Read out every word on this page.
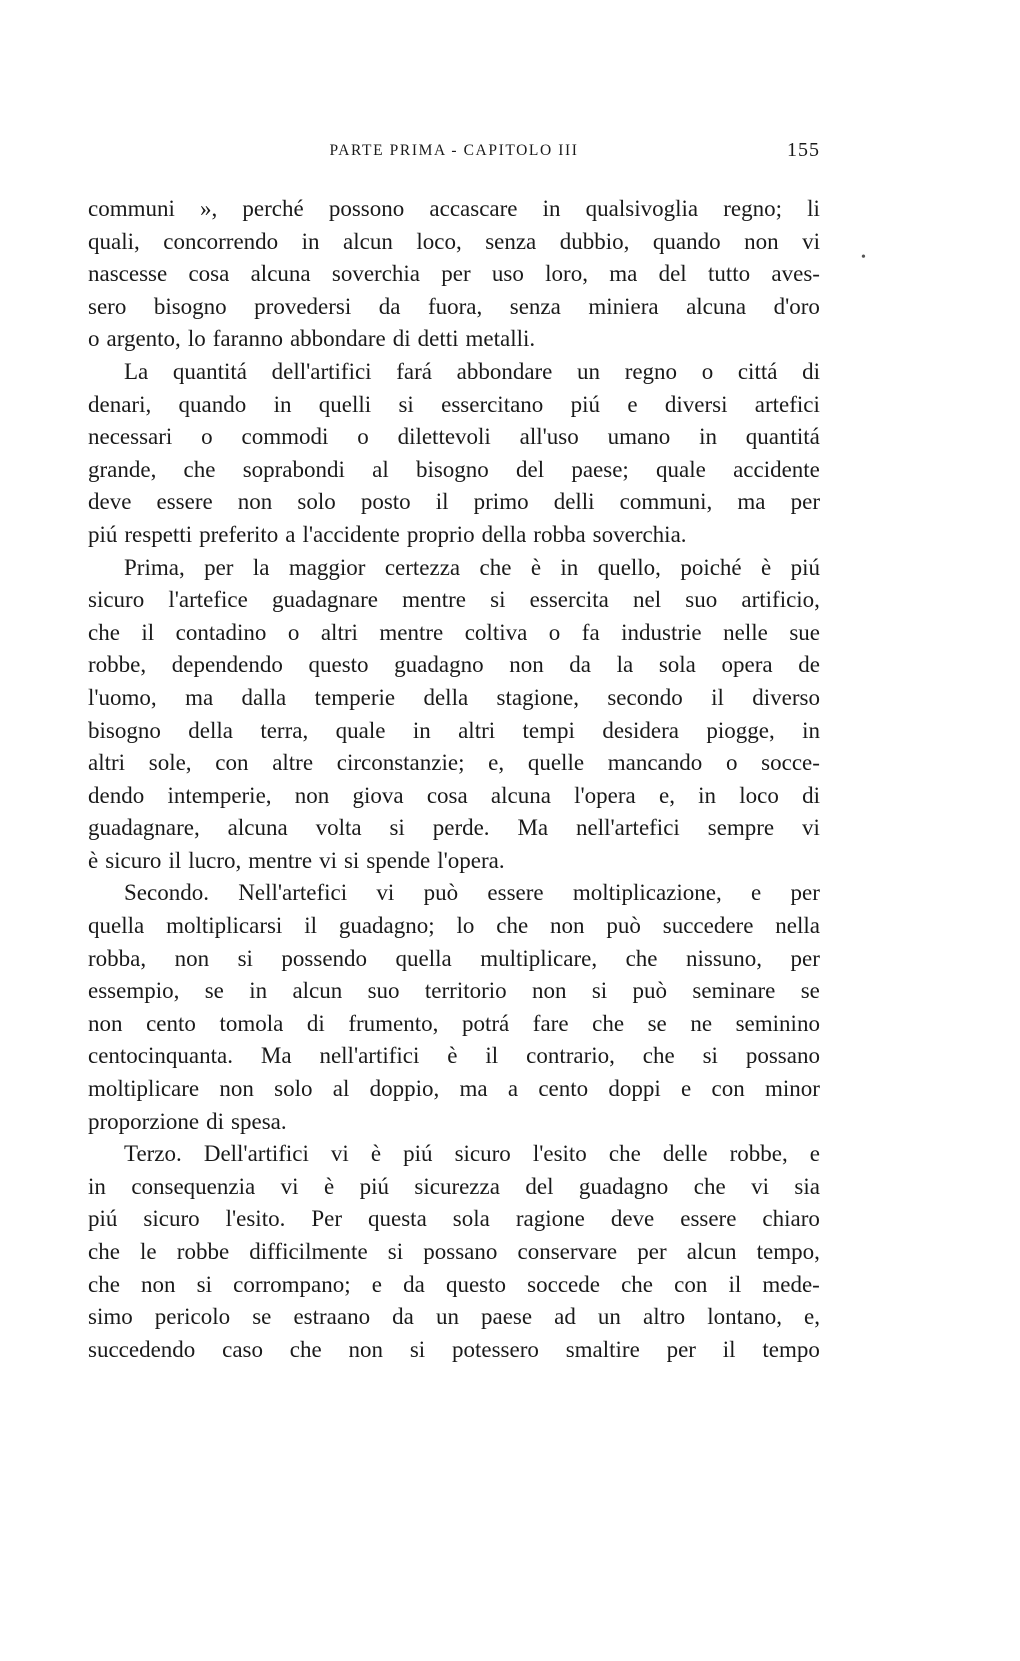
PARTE PRIMA - CAPITOLO III	155
communi », perché possono accascare in qualsivoglia regno; li
quali, concorrendo in alcun loco, senza dubbio, quando non vi
nascesse cosa alcuna soverchia per uso loro, ma del tutto aves-
sero bisogno provedersi da fuora, senza miniera alcuna d'oro
o argento, lo faranno abbondare di detti metalli.
La quantitá dell'artifici fará abbondare un regno o cittá di
denari, quando in quelli si essercitano piú e diversi artefici
necessari o commodi o dilettevoli all'uso umano in quantitá
grande, che soprabondi al bisogno del paese; quale accidente
deve essere non solo posto il primo delli communi, ma per
piú respetti preferito a l'accidente proprio della robba soverchia.
Prima, per la maggior certezza che è in quello, poiché è piú
sicuro l'artefice guadagnare mentre si essercita nel suo artificio,
che il contadino o altri mentre coltiva o fa industrie nelle sue
robbe, dependendo questo guadagno non da la sola opera de
l'uomo, ma dalla temperie della stagione, secondo il diverso
bisogno della terra, quale in altri tempi desidera piogge, in
altri sole, con altre circonstanzie; e, quelle mancando o socce-
dendo intemperie, non giova cosa alcuna l'opera e, in loco di
guadagnare, alcuna volta si perde. Ma nell'artefici sempre vi
è sicuro il lucro, mentre vi si spende l'opera.
Secondo. Nell'artefici vi può essere moltiplicazione, e per
quella moltiplicarsi il guadagno; lo che non può succedere nella
robba, non si possendo quella multiplicare, che nissuno, per
essempio, se in alcun suo territorio non si può seminare se
non cento tomola di frumento, potrá fare che se ne seminino
centocinquanta. Ma nell'artifici è il contrario, che si possano
moltiplicare non solo al doppio, ma a cento doppi e con minor
proporzione di spesa.
Terzo. Dell'artifici vi è piú sicuro l'esito che delle robbe, e
in consequenzia vi è piú sicurezza del guadagno che vi sia
piú sicuro l'esito. Per questa sola ragione deve essere chiaro
che le robbe difficilmente si possano conservare per alcun tempo,
che non si corrompano; e da questo soccede che con il mede-
simo pericolo se estraano da un paese ad un altro lontano, e,
succedendo caso che non si potessero smaltire per il tempo
•
